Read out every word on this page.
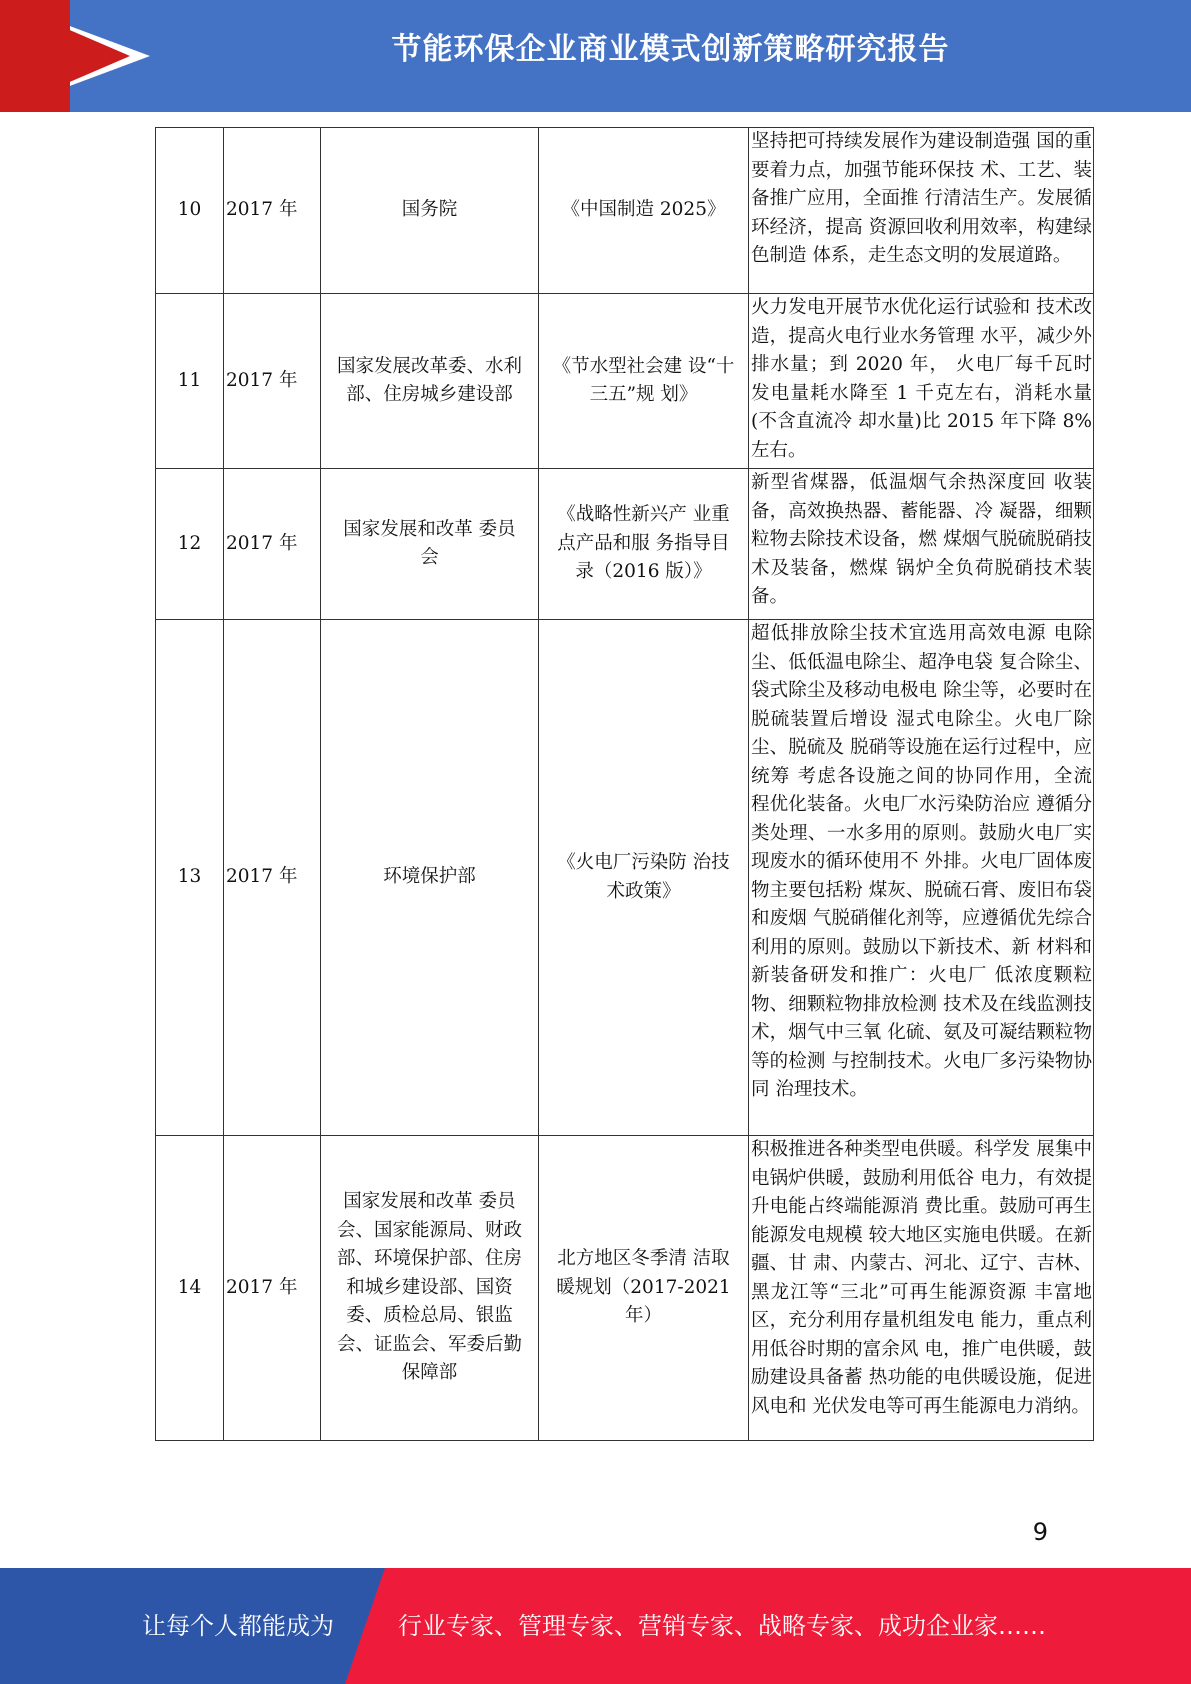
节能环保企业商业模式创新策略研究报告
10	2017 年	国务院	《中国制造 2025》	坚持把可持续发展作为建设制造强 国的重要着力点，加强节能环保技 术、工艺、装备推广应用，全面推 行清洁生产。发展循环经济，提高 资源回收利用效率，构建绿色制造 体系，走生态文明的发展道路。
11	2017 年	国家发展改革委、水利部、住房城乡建设部	《节水型社会建 设“十三五”规 划》	火力发电开展节水优化运行试验和 技术改造，提高火电行业水务管理 水平，减少外排水量；到 2020 年， 火电厂每千瓦时发电量耗水降至 1 千克左右，消耗水量(不含直流冷 却水量)比 2015 年下降 8%左右。
12	2017 年	国家发展和改革 委员会	《战略性新兴产 业重点产品和服 务指导目录（2016 版）》	新型省煤器，低温烟气余热深度回 收装备，高效换热器、蓄能器、冷 凝器，细颗粒物去除技术设备，燃 煤烟气脱硫脱硝技术及装备，燃煤 锅炉全负荷脱硝技术装备。
13	2017 年	环境保护部	《火电厂污染防 治技术政策》	超低排放除尘技术宜选用高效电源 电除尘、低低温电除尘、超净电袋 复合除尘、袋式除尘及移动电极电 除尘等，必要时在脱硫装置后增设 湿式电除尘。火电厂除尘、脱硫及 脱硝等设施在运行过程中，应统筹 考虑各设施之间的协同作用，全流 程优化装备。火电厂水污染防治应 遵循分类处理、一水多用的原则。鼓励火电厂实现废水的循环使用不 外排。火电厂固体废物主要包括粉 煤灰、脱硫石膏、废旧布袋和废烟 气脱硝催化剂等，应遵循优先综合 利用的原则。鼓励以下新技术、新 材料和新装备研发和推广：火电厂 低浓度颗粒物、细颗粒物排放检测 技术及在线监测技术，烟气中三氧 化硫、氨及可凝结颗粒物等的检测 与控制技术。火电厂多污染物协同 治理技术。
14	2017 年	国家发展和改革 委员会、国家能源局、财政部、环境保护部、住房和城乡建设部、国资委、质检总局、银监会、证监会、军委后勤保障部	北方地区冬季清 洁取暖规划（2017-2021 年）	积极推进各种类型电供暖。科学发 展集中电锅炉供暖，鼓励利用低谷 电力，有效提升电能占终端能源消 费比重。鼓励可再生能源发电规模 较大地区实施电供暖。在新疆、甘 肃、内蒙古、河北、辽宁、吉林、 黑龙江等“三北”可再生能源资源 丰富地区，充分利用存量机组发电 能力，重点利用低谷时期的富余风 电，推广电供暖，鼓励建设具备蓄 热功能的电供暖设施，促进风电和 光伏发电等可再生能源电力消纳。
9
让每个人都能成为	行业专家、管理专家、营销专家、战略专家、成功企业家……
